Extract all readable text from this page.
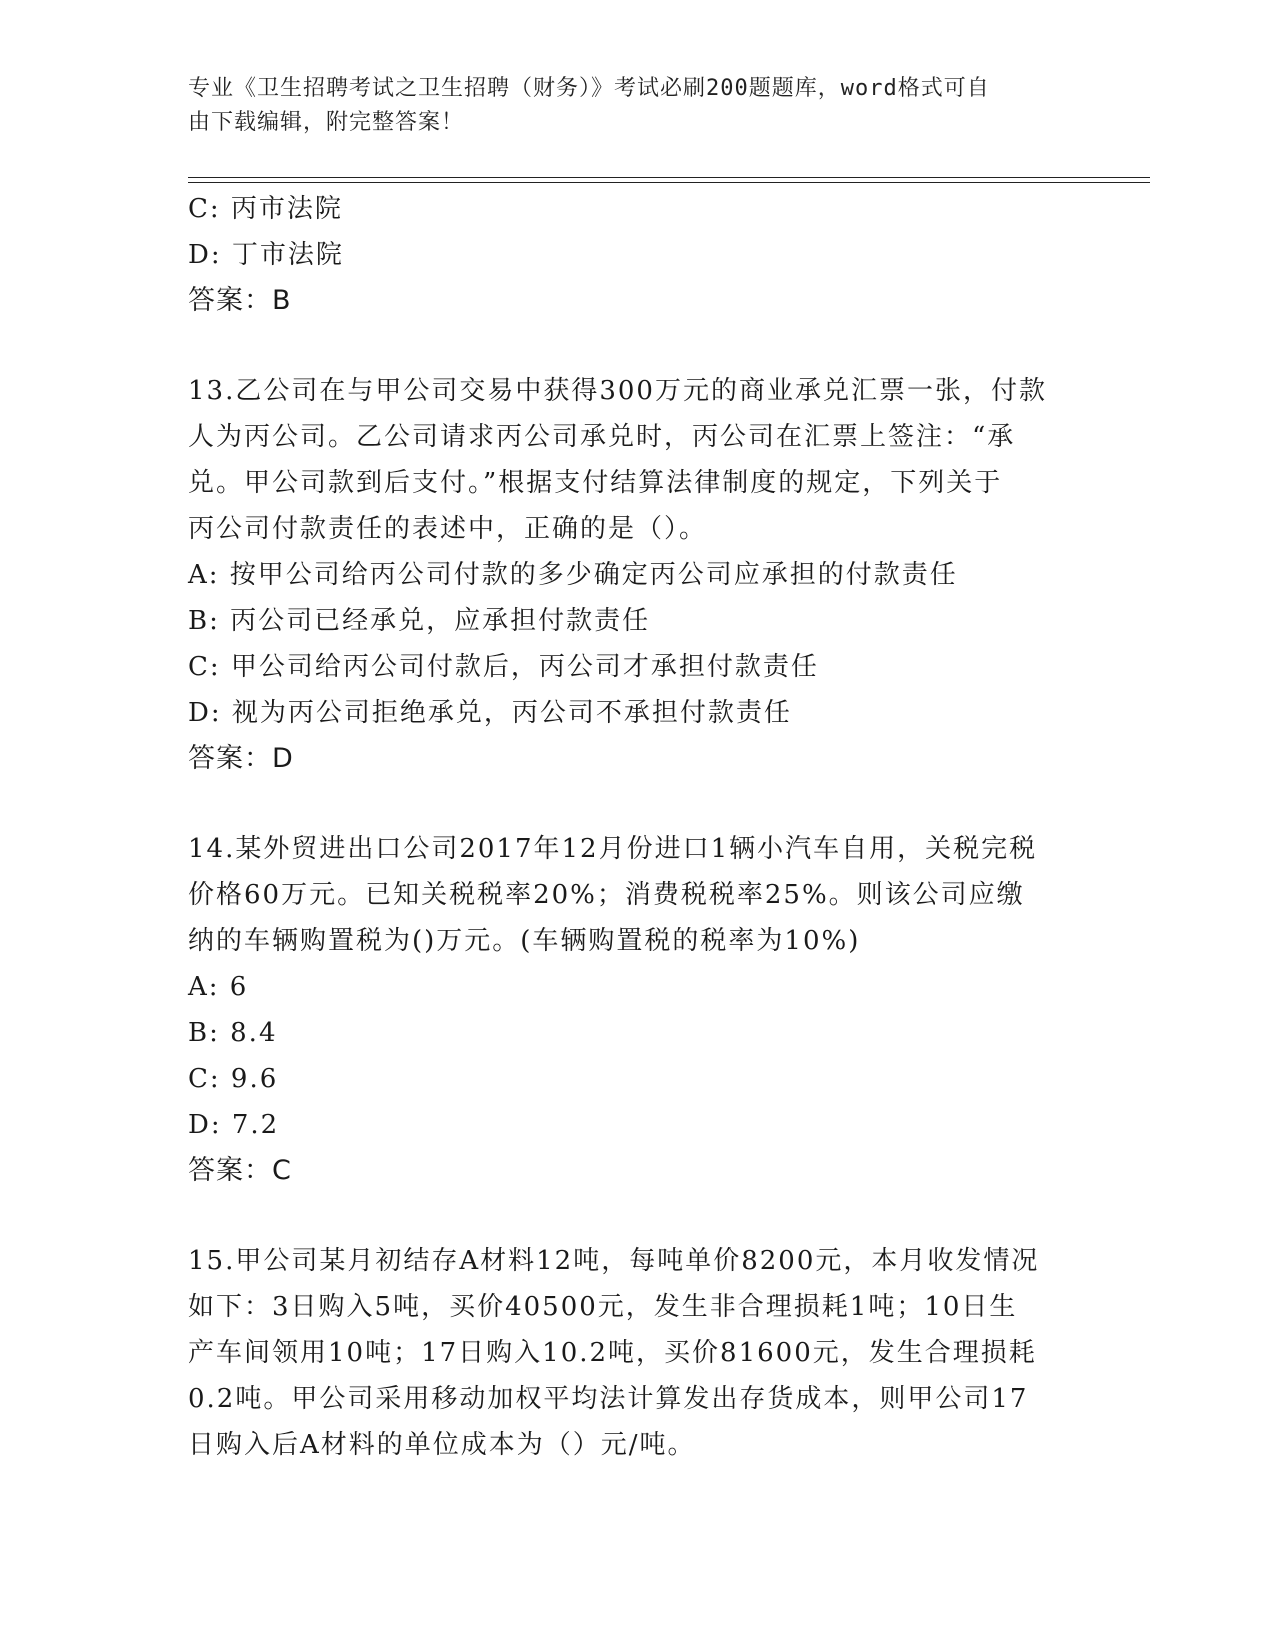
专业《卫生招聘考试之卫生招聘（财务）》考试必刷200题题库，word格式可自
由下载编辑，附完整答案！
C: 丙市法院
D: 丁市法院
答案：B
13.乙公司在与甲公司交易中获得300万元的商业承兑汇票一张，付款
人为丙公司。乙公司请求丙公司承兑时，丙公司在汇票上签注：“承
兑。甲公司款到后支付。”根据支付结算法律制度的规定，下列关于
丙公司付款责任的表述中，正确的是（）。
A: 按甲公司给丙公司付款的多少确定丙公司应承担的付款责任
B: 丙公司已经承兑，应承担付款责任
C: 甲公司给丙公司付款后，丙公司才承担付款责任
D: 视为丙公司拒绝承兑，丙公司不承担付款责任
答案：D
14.某外贸进出口公司2017年12月份进口1辆小汽车自用，关税完税
价格60万元。已知关税税率20%；消费税税率25%。则该公司应缴
纳的车辆购置税为()万元。(车辆购置税的税率为10%)
A: 6
B: 8.4
C: 9.6
D: 7.2
答案：C
15.甲公司某月初结存A材料12吨，每吨单价8200元，本月收发情况
如下：3日购入5吨，买价40500元，发生非合理损耗1吨；10日生
产车间领用10吨；17日购入10.2吨，买价81600元，发生合理损耗
0.2吨。甲公司采用移动加权平均法计算发出存货成本，则甲公司17
日购入后A材料的单位成本为（）元/吨。
